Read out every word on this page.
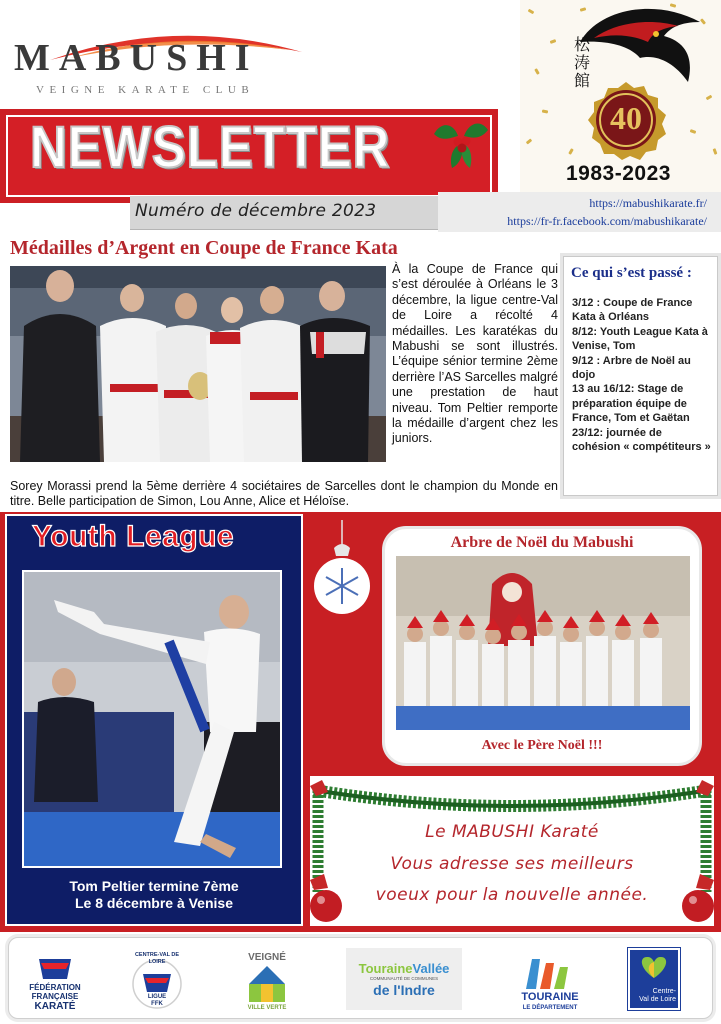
MABUSHI
VEIGNE KARATE CLUB
NEWSLETTER
Numéro de décembre 2023	https://mabushikarate.fr/
https://fr-fr.facebook.com/mabushikarate/
松涛館
40
1983-2023
Médailles d’Argent en Coupe de France Kata

À la Coupe de France qui s’est déroulée à Orléans le 3 décembre, la ligue centre-Val de Loire a récolté 4 médailles. Les karatékas du Mabushi se sont illustrés. L’équipe sénior termine 2ème derrière l’AS Sarcelles malgré une prestation de haut niveau. Tom Peltier remporte la médaille d’argent chez les juniors.

Sorey Morassi prend la 5ème derrière 4 sociétaires de Sarcelles dont le champion du Monde en titre. Belle participation de Simon, Lou Anne, Alice et Héloïse.

Ce qui s’est passé :
3/12 : Coupe de France Kata à Orléans
8/12: Youth League Kata à Venise, Tom
9/12 : Arbre de Noël au dojo
13 au 16/12: Stage de préparation équipe de France, Tom et Gaëtan
23/12: journée de cohésion « compétiteurs »
Youth League
Tom Peltier termine 7ème
Le 8 décembre à Venise
Arbre de Noël du Mabushi
Avec le Père Noël !!!
Le MABUSHI Karaté
Vous adresse ses meilleurs
voeux pour la nouvelle année.
FÉDÉRATION
FRANÇAISE
KARATÉ
CENTRE-VAL DE LOIRE
LIGUE
FFK
VEIGNÉ
VILLE VERTE
TouraineVallée
COMMUNAUTÉ DE COMMUNES
de l'Indre	TOURAINE
LE DÉPARTEMENT
Centre-
Val de Loire
